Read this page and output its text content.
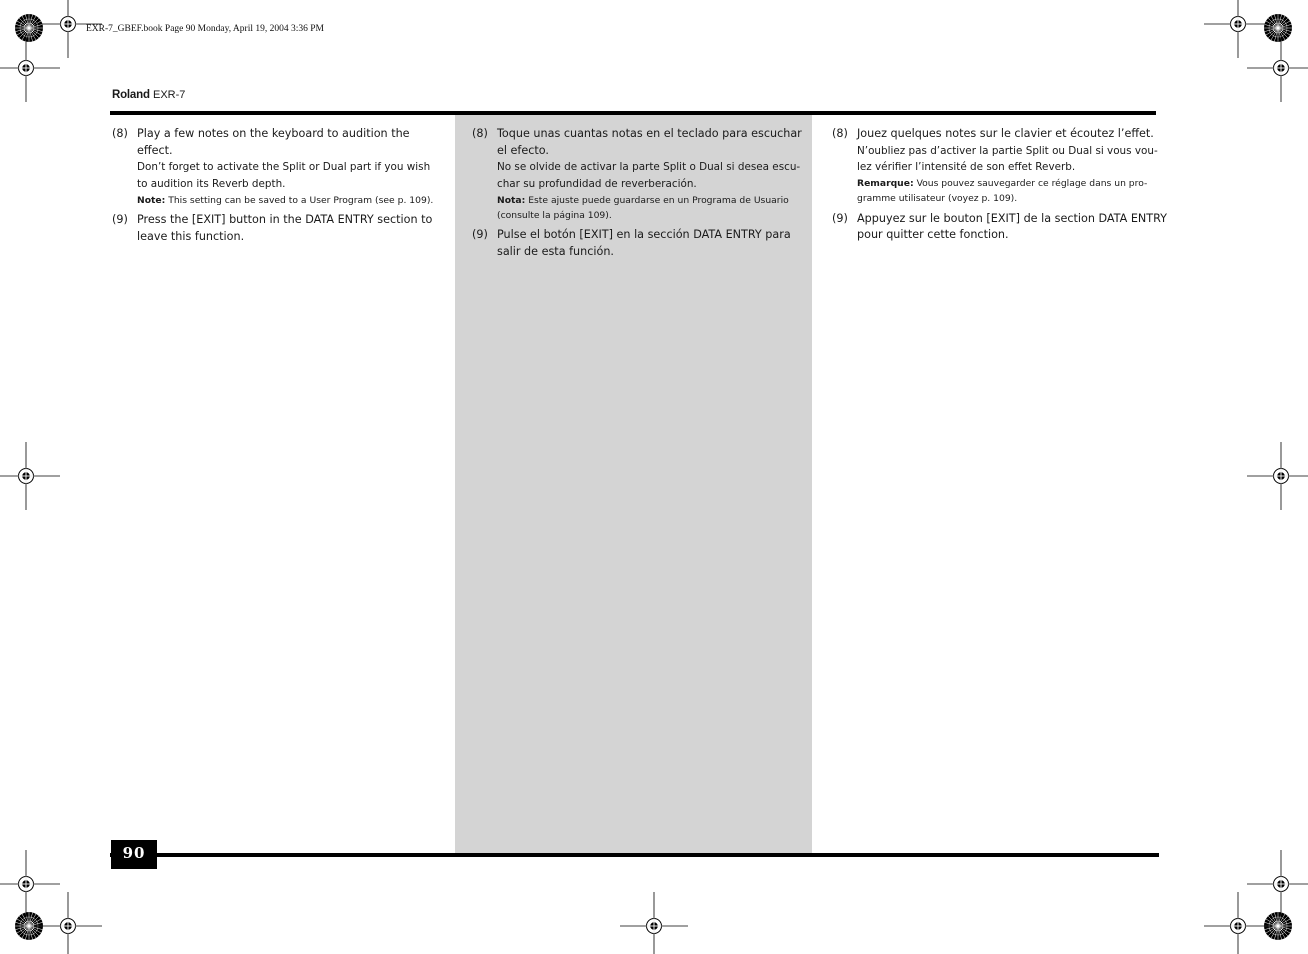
EXR-7_GBEF.book Page 90 Monday, April 19, 2004 3:36 PM
Roland EXR-7
(8) Play a few notes on the keyboard to audition the
effect.
Don’t forget to activate the Split or Dual part if you wish
to audition its Reverb depth.
Note: This setting can be saved to a User Program (see p. 109).
(9) Press the [EXIT] button in the DATA ENTRY section to
leave this function.
(8) Toque unas cuantas notas en el teclado para escuchar
el efecto.
No se olvide de activar la parte Split o Dual si desea escu-
char su profundidad de reverberación.
Nota: Este ajuste puede guardarse en un Programa de Usuario
(consulte la página 109).
(9) Pulse el botón [EXIT] en la sección DATA ENTRY para
salir de esta función.
(8) Jouez quelques notes sur le clavier et écoutez l’effet.
N’oubliez pas d’activer la partie Split ou Dual si vous vou-
lez vérifier l’intensité de son effet Reverb.
Remarque: Vous pouvez sauvegarder ce réglage dans un pro-
gramme utilisateur (voyez p. 109).
(9) Appuyez sur le bouton [EXIT] de la section DATA ENTRY
pour quitter cette fonction.
90
